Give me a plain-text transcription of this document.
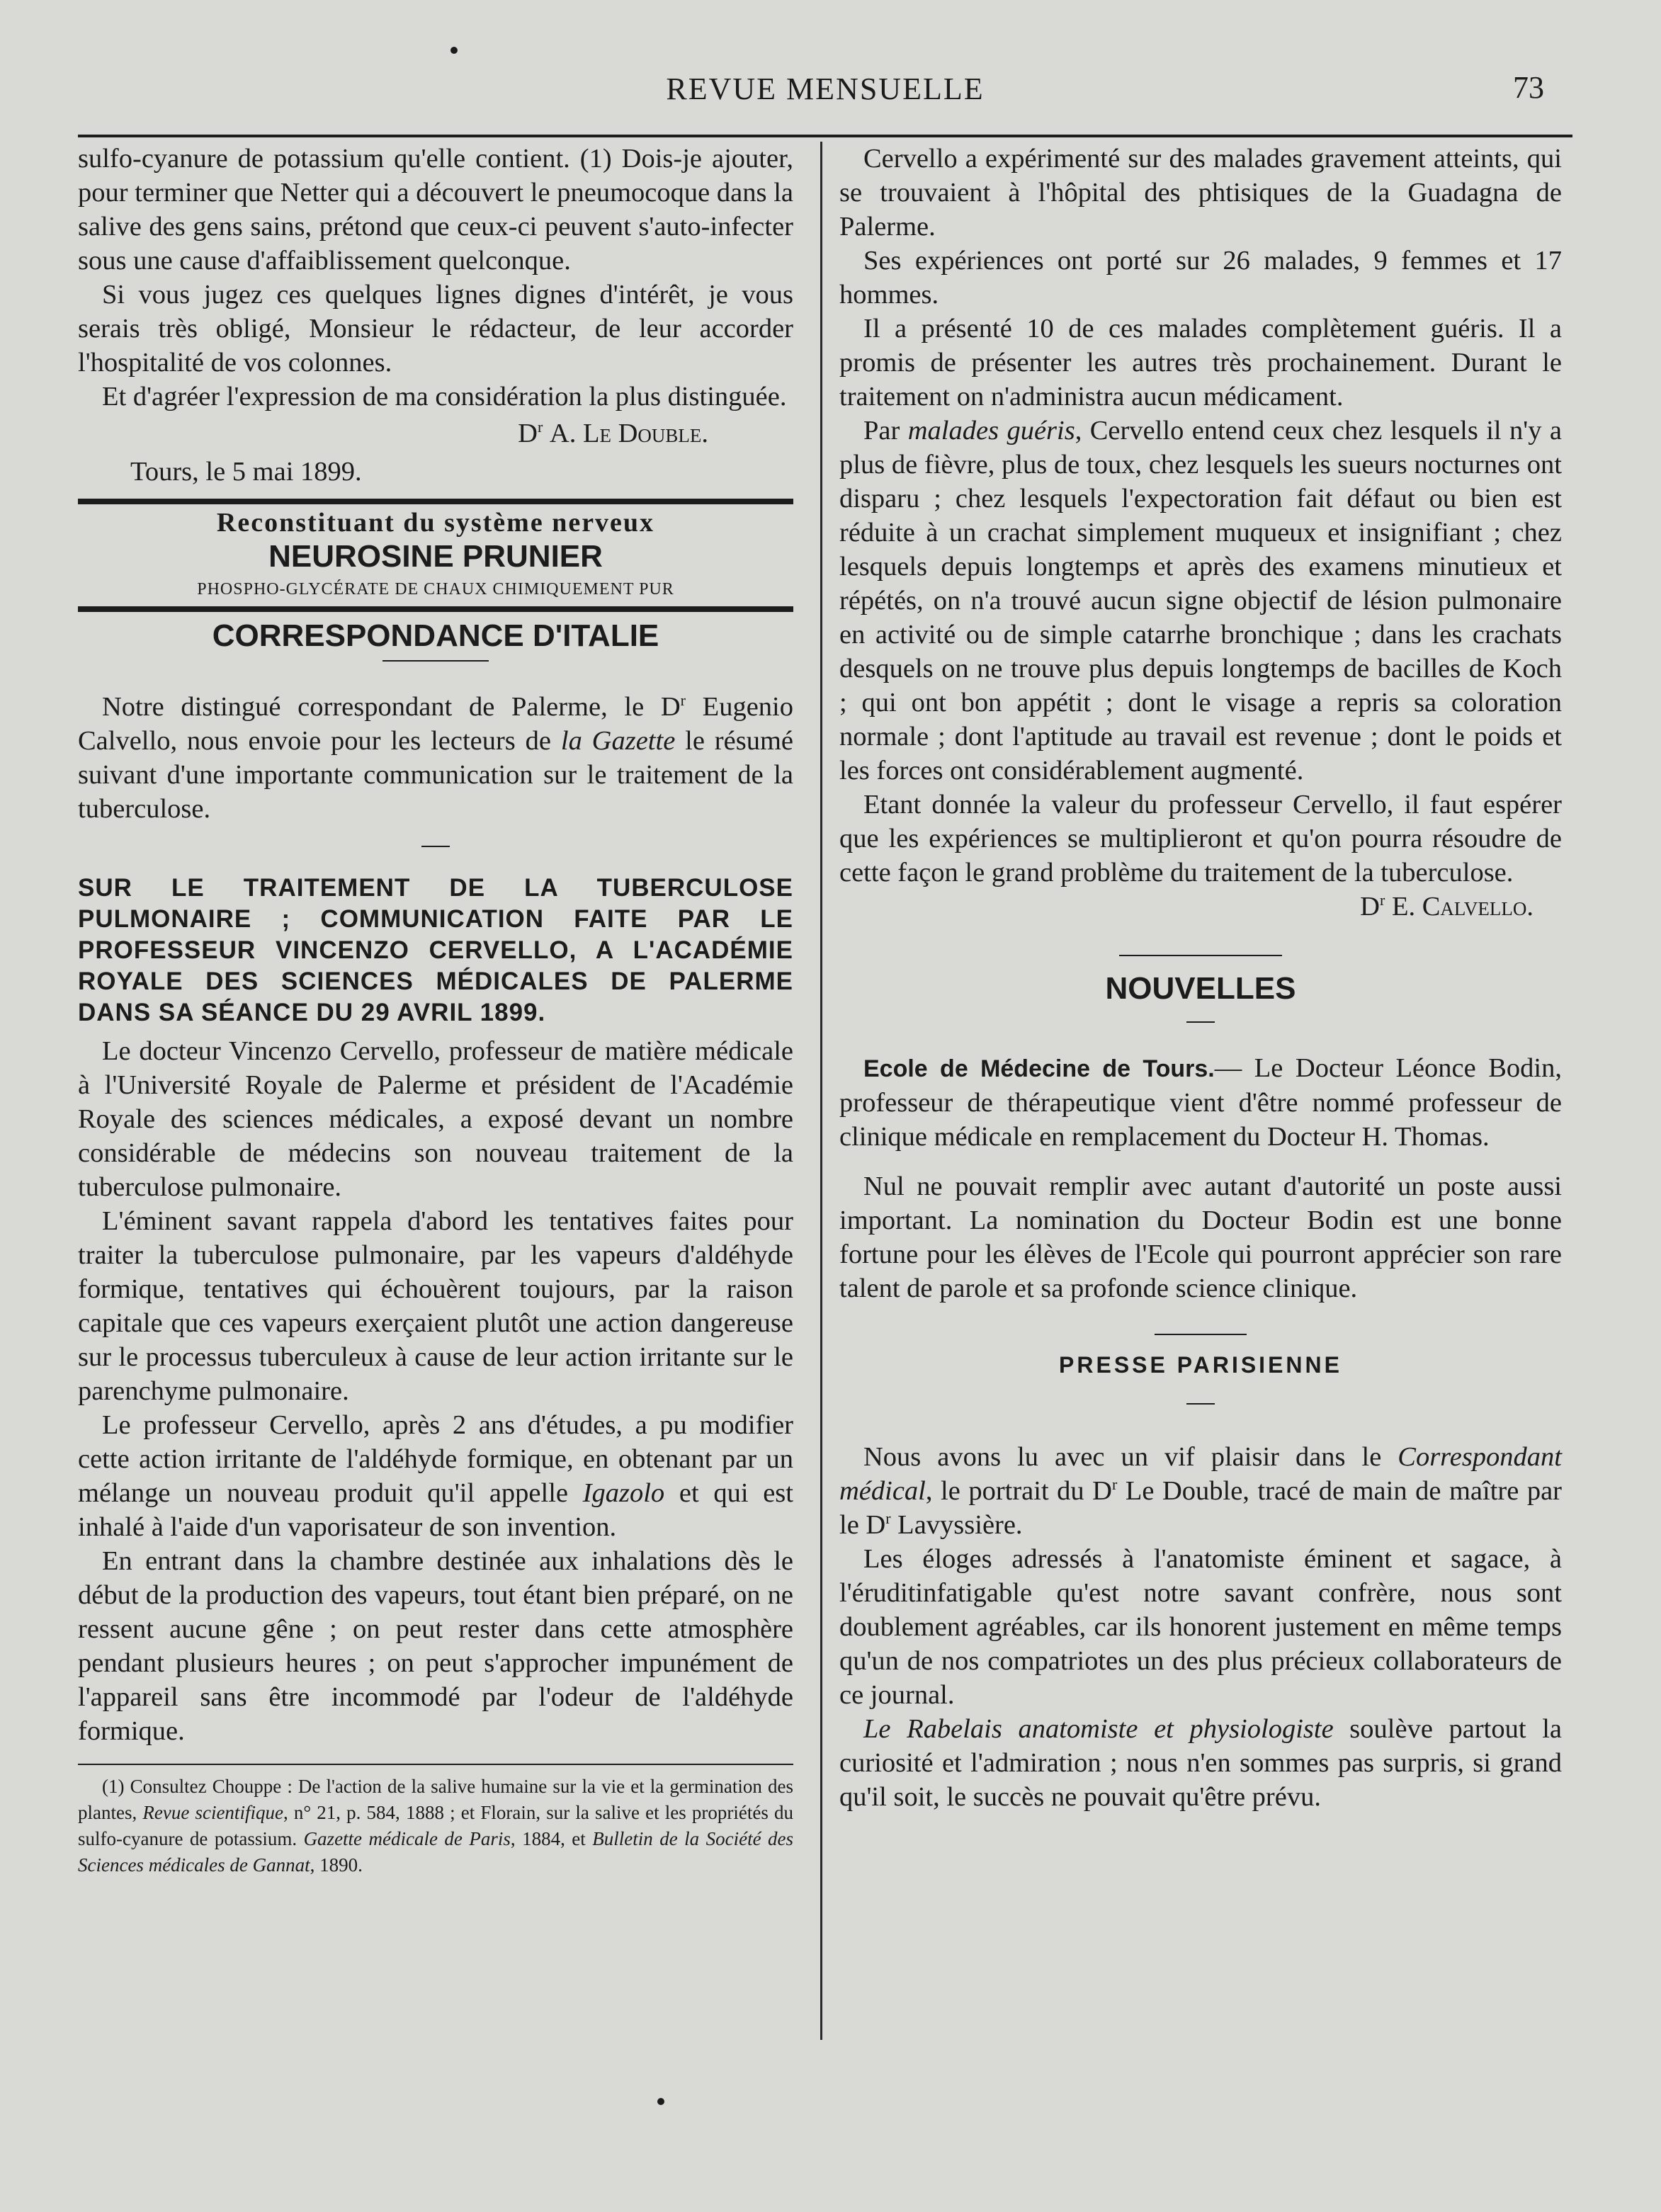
REVUE MENSUELLE	73

sulfo-cyanure de potassium qu'elle contient. (1) Dois-je ajouter, pour terminer que Netter qui a découvert le pneumocoque dans la salive des gens sains, prétond que ceux-ci peuvent s'auto-infecter sous une cause d'affaiblissement quelconque.

Si vous jugez ces quelques lignes dignes d'intérêt, je vous serais très obligé, Monsieur le rédacteur, de leur accorder l'hospitalité de vos colonnes.

Et d'agréer l'expression de ma considération la plus distinguée.

$D^r$ A. Le Double.

Tours, le 5 mai 1899.

Reconstituant du système nerveux
NEUROSINE PRUNIER
PHOSPHO-GLYCÉRATE DE CHAUX CHIMIQUEMENT PUR
CORRESPONDANCE D'ITALIE

Notre distingué correspondant de Palerme, le $D^r$ Eugenio Calvello, nous envoie pour les lecteurs de la Gazette le résumé suivant d'une importante communication sur le traitement de la tuberculose.

SUR LE TRAITEMENT DE LA TUBERCULOSE PULMONAIRE ; COMMUNICATION FAITE PAR LE PROFESSEUR VINCENZO CERVELLO, A L'ACADÉMIE ROYALE DES SCIENCES MÉDICALES DE PALERME DANS SA SÉANCE DU 29 AVRIL 1899.

Le docteur Vincenzo Cervello, professeur de matière médicale à l'Université Royale de Palerme et président de l'Académie Royale des sciences médicales, a exposé devant un nombre considérable de médecins son nouveau traitement de la tuberculose pulmonaire.

L'éminent savant rappela d'abord les tentatives faites pour traiter la tuberculose pulmonaire, par les vapeurs d'aldéhyde formique, tentatives qui échouèrent toujours, par la raison capitale que ces vapeurs exerçaient plutôt une action dangereuse sur le processus tuberculeux à cause de leur action irritante sur le parenchyme pulmonaire.

Le professeur Cervello, après 2 ans d'études, a pu modifier cette action irritante de l'aldéhyde formique, en obtenant par un mélange un nouveau produit qu'il appelle Igazolo et qui est inhalé à l'aide d'un vaporisateur de son invention.

En entrant dans la chambre destinée aux inhalations dès le début de la production des vapeurs, tout étant bien préparé, on ne ressent aucune gêne ; on peut rester dans cette atmosphère pendant plusieurs heures ; on peut s'approcher impunément de l'appareil sans être incommodé par l'odeur de l'aldéhyde formique.

(1) Consultez Chouppe : De l'action de la salive humaine sur la vie et la germination des plantes, Revue scientifique, n° 21, p. 584, 1888 ; et Florain, sur la salive et les propriétés du sulfo-cyanure de potassium. Gazette médicale de Paris, 1884, et Bulletin de la Société des Sciences médicales de Gannat, 1890.

Cervello a expérimenté sur des malades gravement atteints, qui se trouvaient à l'hôpital des phtisiques de la Guadagna de Palerme.

Ses expériences ont porté sur 26 malades, 9 femmes et 17 hommes.

Il a présenté 10 de ces malades complètement guéris. Il a promis de présenter les autres très prochainement. Durant le traitement on n'administra aucun médicament.

Par malades guéris, Cervello entend ceux chez lesquels il n'y a plus de fièvre, plus de toux, chez lesquels les sueurs nocturnes ont disparu ; chez lesquels l'expectoration fait défaut ou bien est réduite à un crachat simplement muqueux et insignifiant ; chez lesquels depuis longtemps et après des examens minutieux et répétés, on n'a trouvé aucun signe objectif de lésion pulmonaire en activité ou de simple catarrhe bronchique ; dans les crachats desquels on ne trouve plus depuis longtemps de bacilles de Koch ; qui ont bon appétit ; dont le visage a repris sa coloration normale ; dont l'aptitude au travail est revenue ; dont le poids et les forces ont considérablement augmenté.

Etant donnée la valeur du professeur Cervello, il faut espérer que les expériences se multiplieront et qu'on pourra résoudre de cette façon le grand problème du traitement de la tuberculose.

$D^r$ E. Calvello.

NOUVELLES

Ecole de Médecine de Tours.— Le Docteur Léonce Bodin, professeur de thérapeutique vient d'être nommé professeur de clinique médicale en remplacement du Docteur H. Thomas.

Nul ne pouvait remplir avec autant d'autorité un poste aussi important. La nomination du Docteur Bodin est une bonne fortune pour les élèves de l'Ecole qui pourront apprécier son rare talent de parole et sa profonde science clinique.

PRESSE PARISIENNE

Nous avons lu avec un vif plaisir dans le Correspondant médical, le portrait du $D^r$ Le Double, tracé de main de maître par le $D^r$ Lavyssière.

Les éloges adressés à l'anatomiste éminent et sagace, à l'éruditinfatigable qu'est notre savant confrère, nous sont doublement agréables, car ils honorent justement en même temps qu'un de nos compatriotes un des plus précieux collaborateurs de ce journal.

Le Rabelais anatomiste et physiologiste soulève partout la curiosité et l'admiration ; nous n'en sommes pas surpris, si grand qu'il soit, le succès ne pouvait qu'être prévu.
